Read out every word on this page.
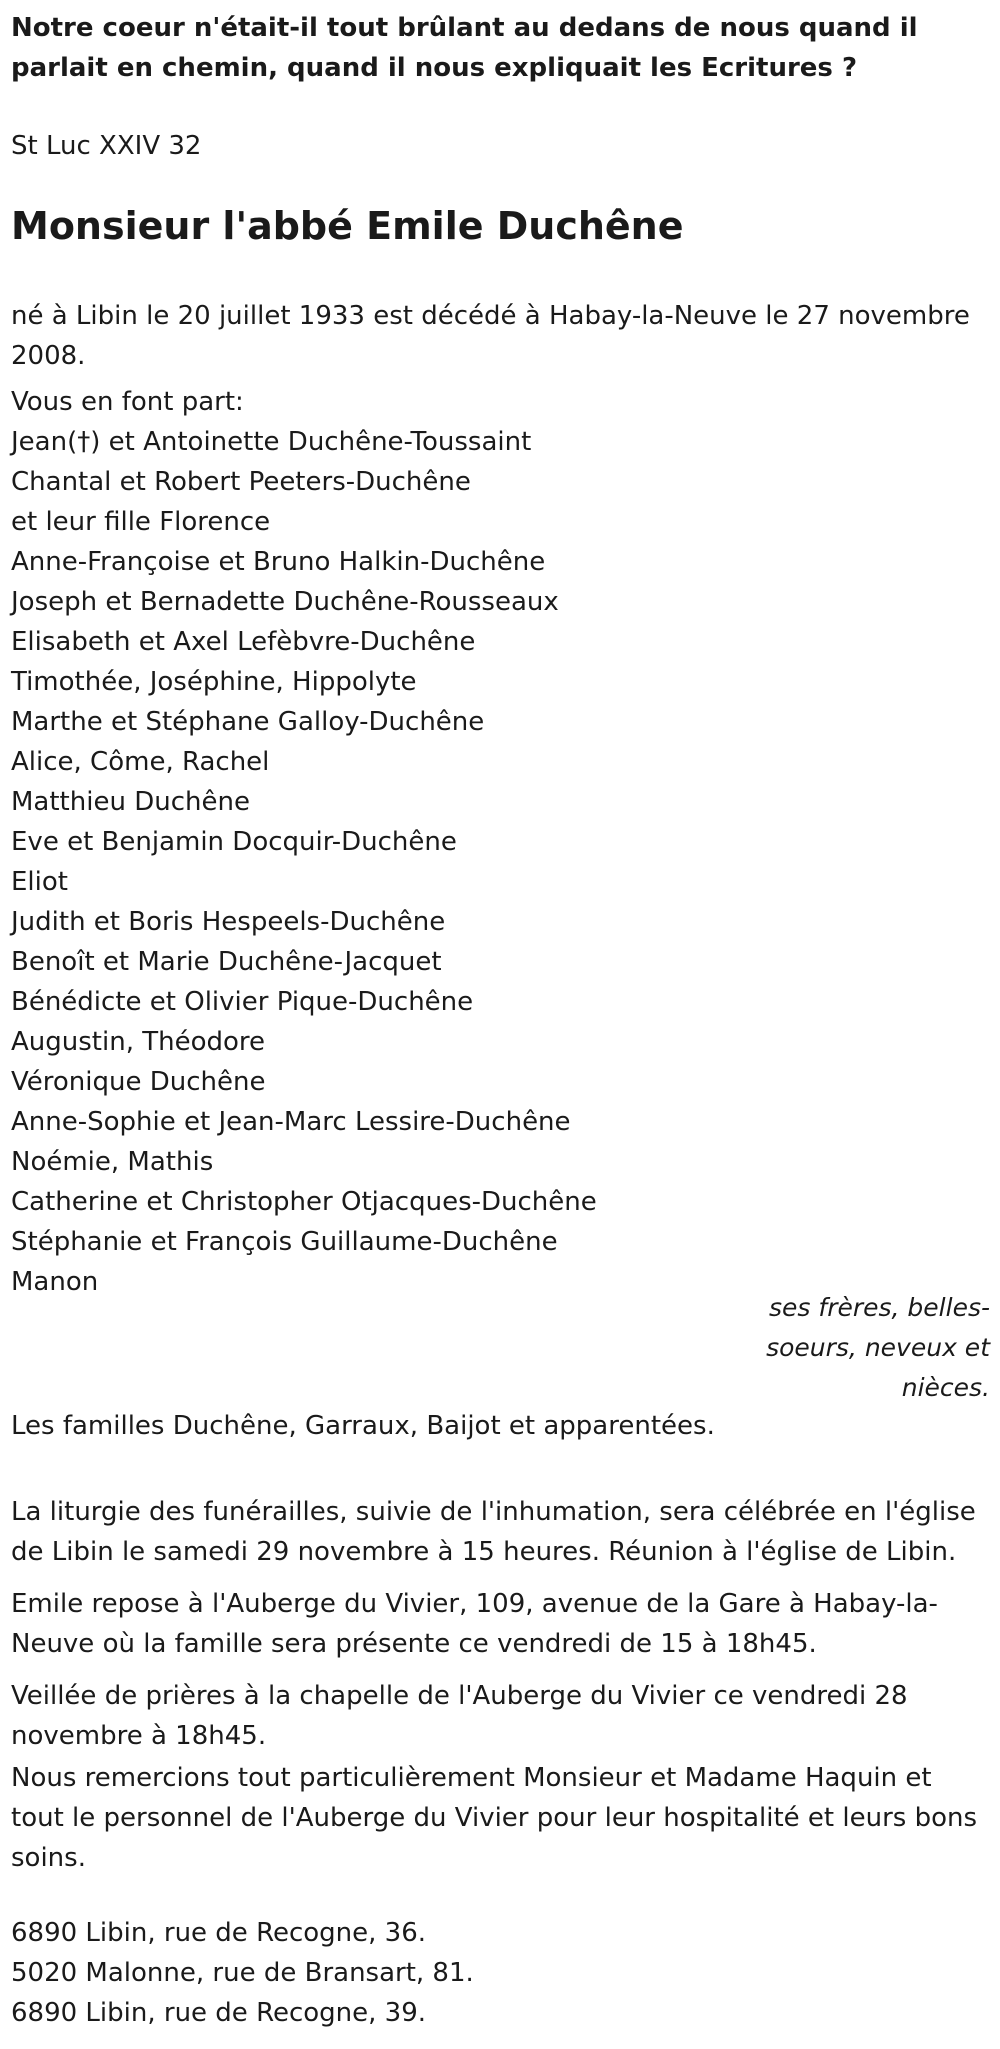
Notre coeur n'était-il tout brûlant au dedans de nous quand il parlait en chemin, quand il nous expliquait les Ecritures ?
St Luc XXIV 32
Monsieur l'abbé Emile Duchêne
né à Libin le 20 juillet 1933 est décédé à Habay-la-Neuve le 27 novembre 2008.
Vous en font part:
Jean(†) et Antoinette Duchêne-Toussaint
Chantal et Robert Peeters-Duchêne
et leur fille Florence
Anne-Françoise et Bruno Halkin-Duchêne
Joseph et Bernadette Duchêne-Rousseaux
Elisabeth et Axel Lefèbvre-Duchêne
Timothée, Joséphine, Hippolyte
Marthe et Stéphane Galloy-Duchêne
Alice, Côme, Rachel
Matthieu Duchêne
Eve et Benjamin Docquir-Duchêne
Eliot
Judith et Boris Hespeels-Duchêne
Benoît et Marie Duchêne-Jacquet
Bénédicte et Olivier Pique-Duchêne
Augustin, Théodore
Véronique Duchêne
Anne-Sophie et Jean-Marc Lessire-Duchêne
Noémie, Mathis
Catherine et Christopher Otjacques-Duchêne
Stéphanie et François Guillaume-Duchêne
Manon
ses frères, belles-
soeurs, neveux et
nièces.
Les familles Duchêne, Garraux, Baijot et apparentées.
La liturgie des funérailles, suivie de l'inhumation, sera célébrée en l'église de Libin le samedi 29 novembre à 15 heures. Réunion à l'église de Libin.
Emile repose à l'Auberge du Vivier, 109, avenue de la Gare à Habay-la-Neuve où la famille sera présente ce vendredi de 15 à 18h45.
Veillée de prières à la chapelle de l'Auberge du Vivier ce vendredi 28 novembre à 18h45.
Nous remercions tout particulièrement Monsieur et Madame Haquin et tout le personnel de l'Auberge du Vivier pour leur hospitalité et leurs bons soins.
6890 Libin, rue de Recogne, 36.
5020 Malonne, rue de Bransart, 81.
6890 Libin, rue de Recogne, 39.
